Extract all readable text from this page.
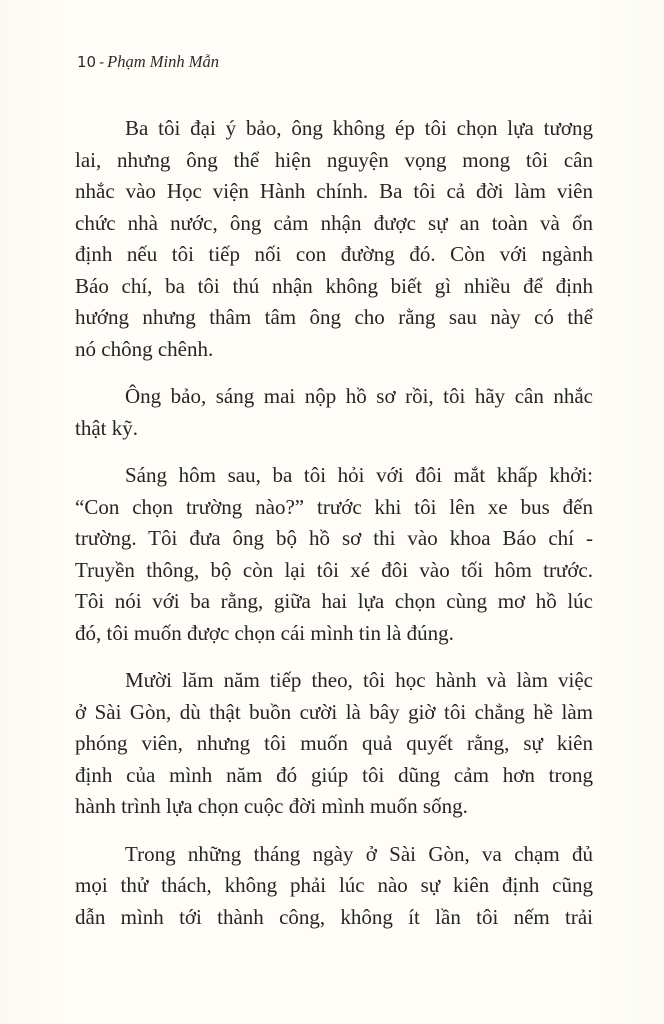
10 - Phạm Minh Mẫn
Ba tôi đại ý bảo, ông không ép tôi chọn lựa tương
lai, nhưng ông thể hiện nguyện vọng mong tôi cân
nhắc vào Học viện Hành chính. Ba tôi cả đời làm viên
chức nhà nước, ông cảm nhận được sự an toàn và ổn
định nếu tôi tiếp nối con đường đó. Còn với ngành
Báo chí, ba tôi thú nhận không biết gì nhiều để định
hướng nhưng thâm tâm ông cho rằng sau này có thể
nó chông chênh.
Ông bảo, sáng mai nộp hồ sơ rồi, tôi hãy cân nhắc
thật kỹ.
Sáng hôm sau, ba tôi hỏi với đôi mắt khấp khởi:
“Con chọn trường nào?” trước khi tôi lên xe bus đến
trường. Tôi đưa ông bộ hồ sơ thi vào khoa Báo chí -
Truyền thông, bộ còn lại tôi xé đôi vào tối hôm trước.
Tôi nói với ba rằng, giữa hai lựa chọn cùng mơ hồ lúc
đó, tôi muốn được chọn cái mình tin là đúng.
Mười lăm năm tiếp theo, tôi học hành và làm việc
ở Sài Gòn, dù thật buồn cười là bây giờ tôi chẳng hề làm
phóng viên, nhưng tôi muốn quả quyết rằng, sự kiên
định của mình năm đó giúp tôi dũng cảm hơn trong
hành trình lựa chọn cuộc đời mình muốn sống.
Trong những tháng ngày ở Sài Gòn, va chạm đủ
mọi thử thách, không phải lúc nào sự kiên định cũng
dẫn mình tới thành công, không ít lần tôi nếm trải
